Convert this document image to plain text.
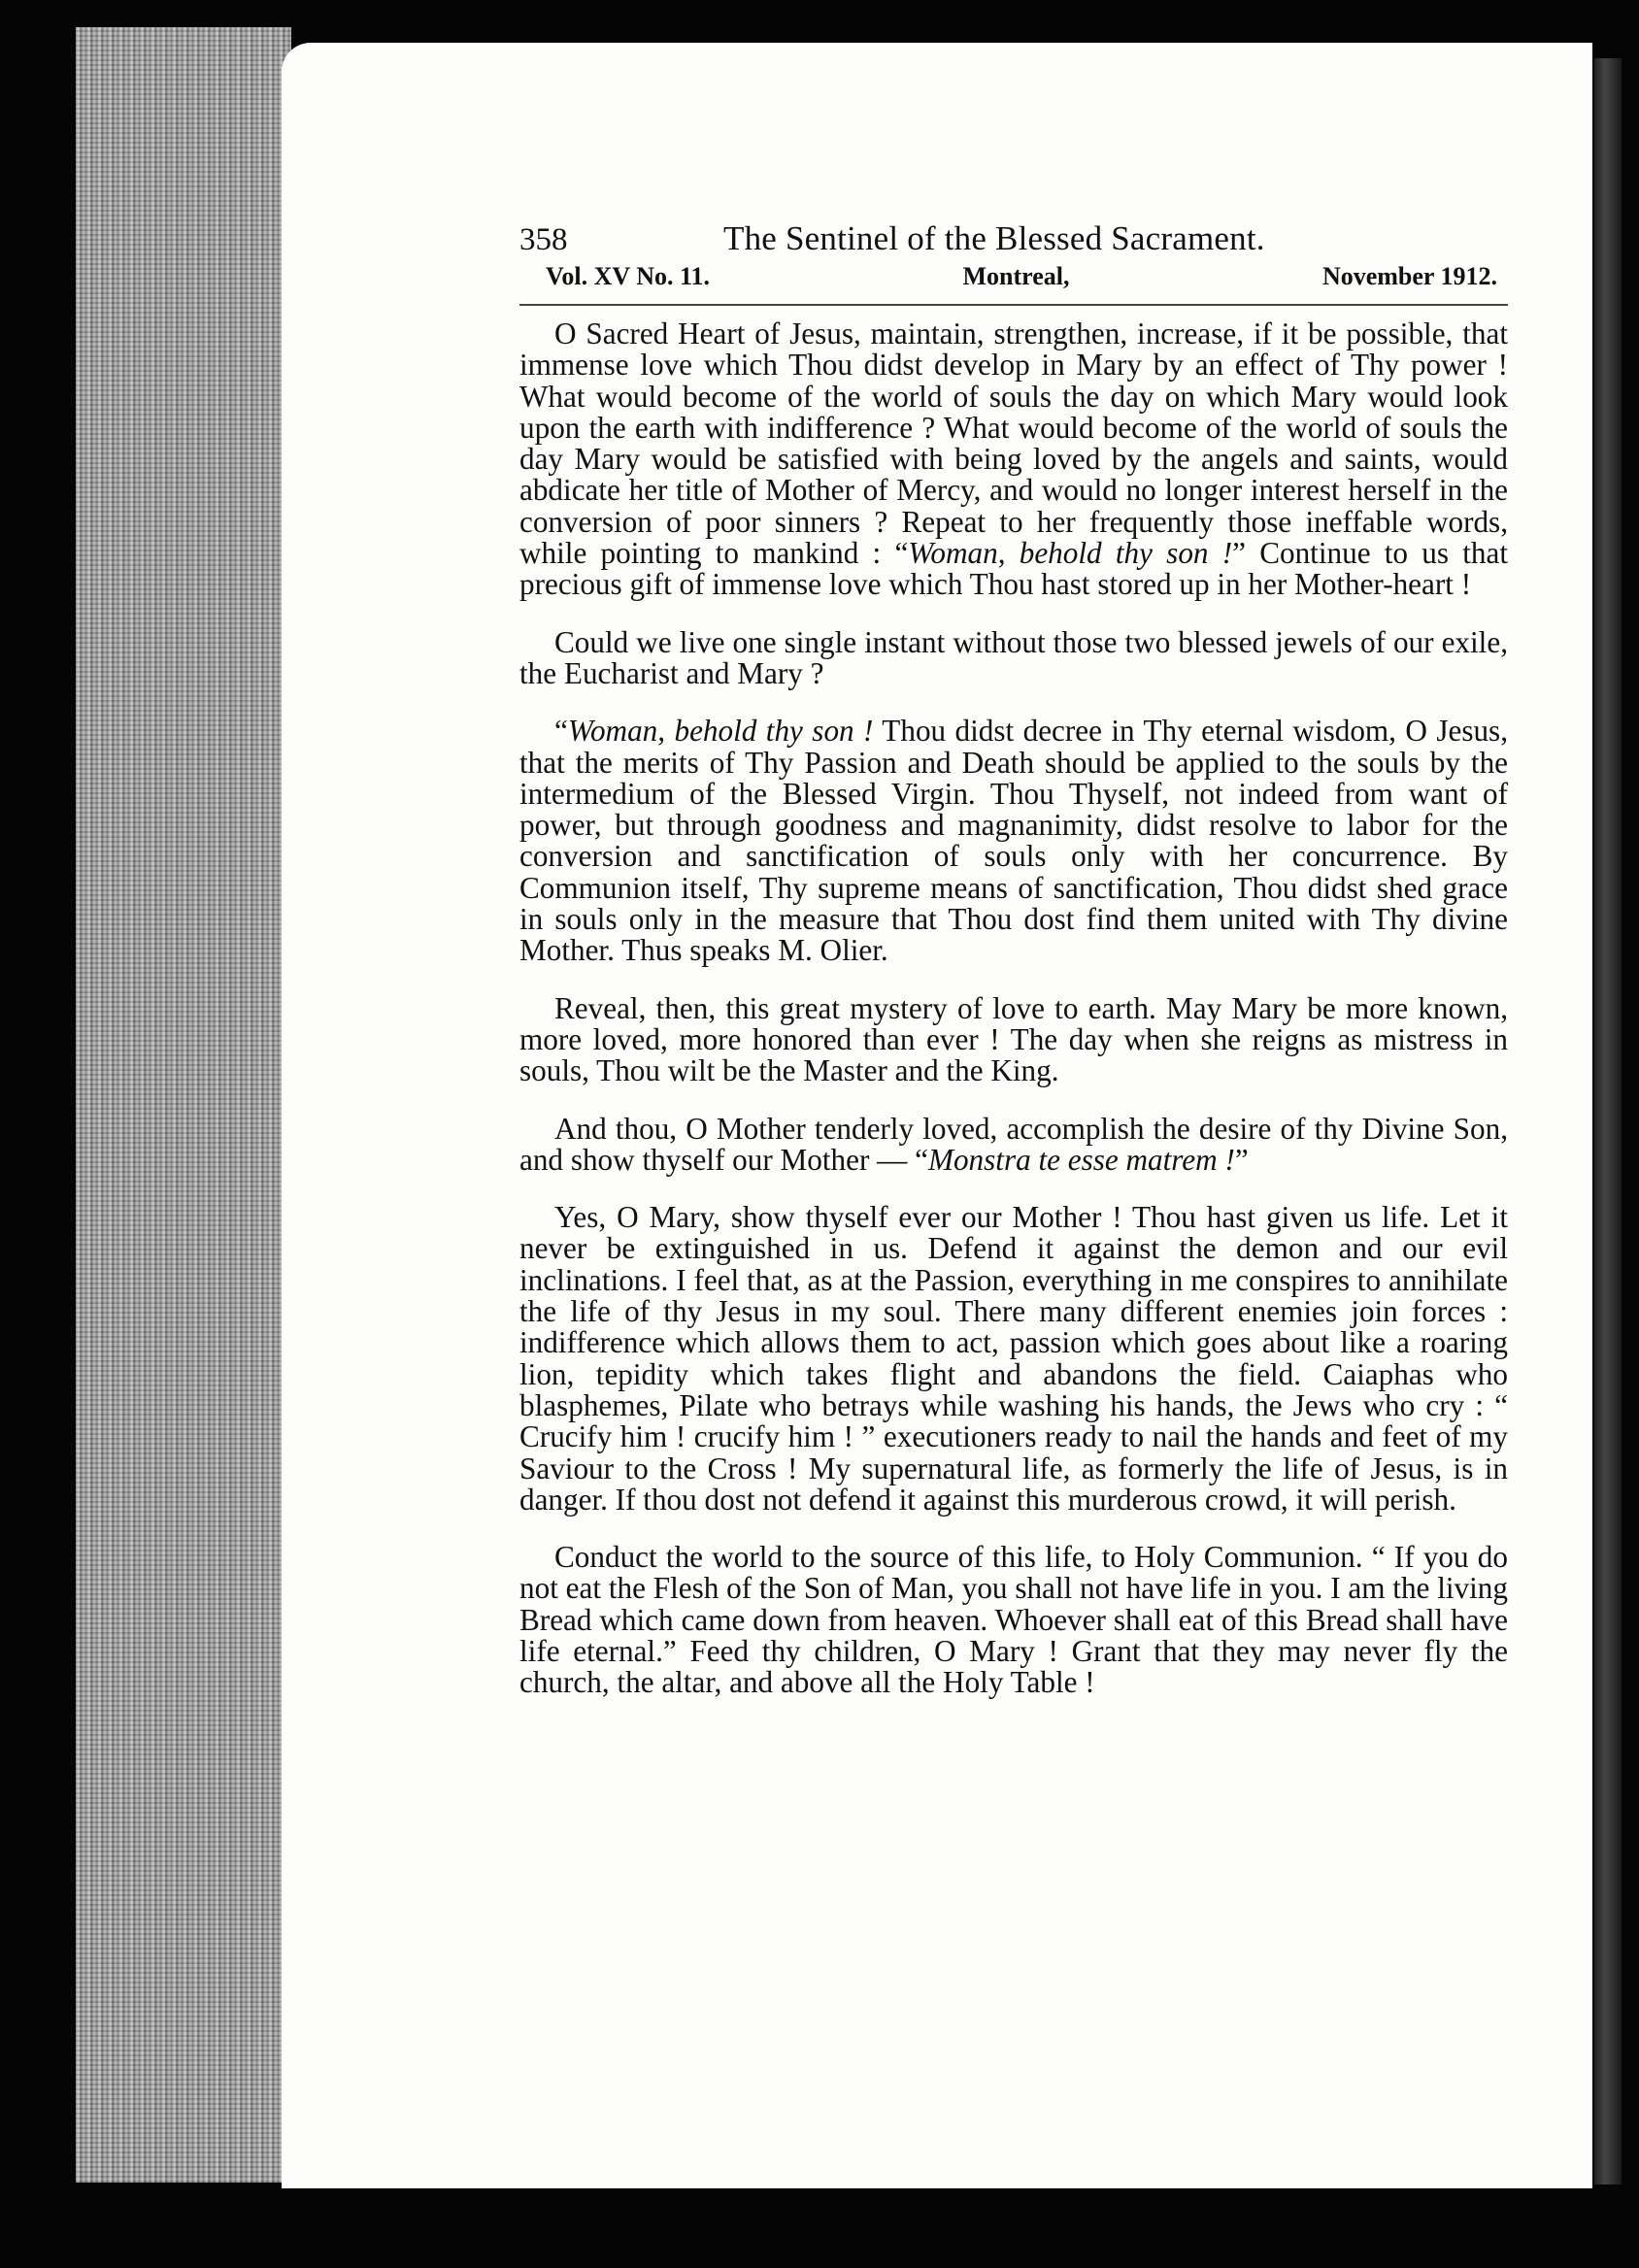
358	The Sentinel of the Blessed Sacrament.
Vol. XV No. 11.	Montreal,	November 1912.

O Sacred Heart of Jesus, maintain, strengthen, increase, if it be possible, that immense love which Thou didst develop in Mary by an effect of Thy power ! What would become of the world of souls the day on which Mary would look upon the earth with indifference ? What would become of the world of souls the day Mary would be satisfied with being loved by the angels and saints, would abdicate her title of Mother of Mercy, and would no longer interest herself in the conversion of poor sinners ? Repeat to her frequently those ineffable words, while pointing to mankind : “Woman, behold thy son !” Continue to us that precious gift of immense love which Thou hast stored up in her Mother-heart !

Could we live one single instant without those two blessed jewels of our exile, the Eucharist and Mary ?

“Woman, behold thy son ! Thou didst decree in Thy eternal wisdom, O Jesus, that the merits of Thy Passion and Death should be applied to the souls by the intermedium of the Blessed Virgin. Thou Thyself, not indeed from want of power, but through goodness and magnanimity, didst resolve to labor for the conversion and sanctification of souls only with her concurrence. By Communion itself, Thy supreme means of sanctification, Thou didst shed grace in souls only in the measure that Thou dost find them united with Thy divine Mother. Thus speaks M. Olier.

Reveal, then, this great mystery of love to earth. May Mary be more known, more loved, more honored than ever ! The day when she reigns as mistress in souls, Thou wilt be the Master and the King.

And thou, O Mother tenderly loved, accomplish the desire of thy Divine Son, and show thyself our Mother — “Monstra te esse matrem !”

Yes, O Mary, show thyself ever our Mother ! Thou hast given us life. Let it never be extinguished in us. Defend it against the demon and our evil inclinations. I feel that, as at the Passion, everything in me conspires to annihilate the life of thy Jesus in my soul. There many different enemies join forces : indifference which allows them to act, passion which goes about like a roaring lion, tepidity which takes flight and abandons the field. Caiaphas who blasphemes, Pilate who betrays while washing his hands, the Jews who cry : “ Crucify him ! crucify him ! ” executioners ready to nail the hands and feet of my Saviour to the Cross ! My supernatural life, as formerly the life of Jesus, is in danger. If thou dost not defend it against this murderous crowd, it will perish.

Conduct the world to the source of this life, to Holy Communion. “ If you do not eat the Flesh of the Son of Man, you shall not have life in you. I am the living Bread which came down from heaven. Whoever shall eat of this Bread shall have life eternal.” Feed thy children, O Mary ! Grant that they may never fly the church, the altar, and above all the Holy Table !
